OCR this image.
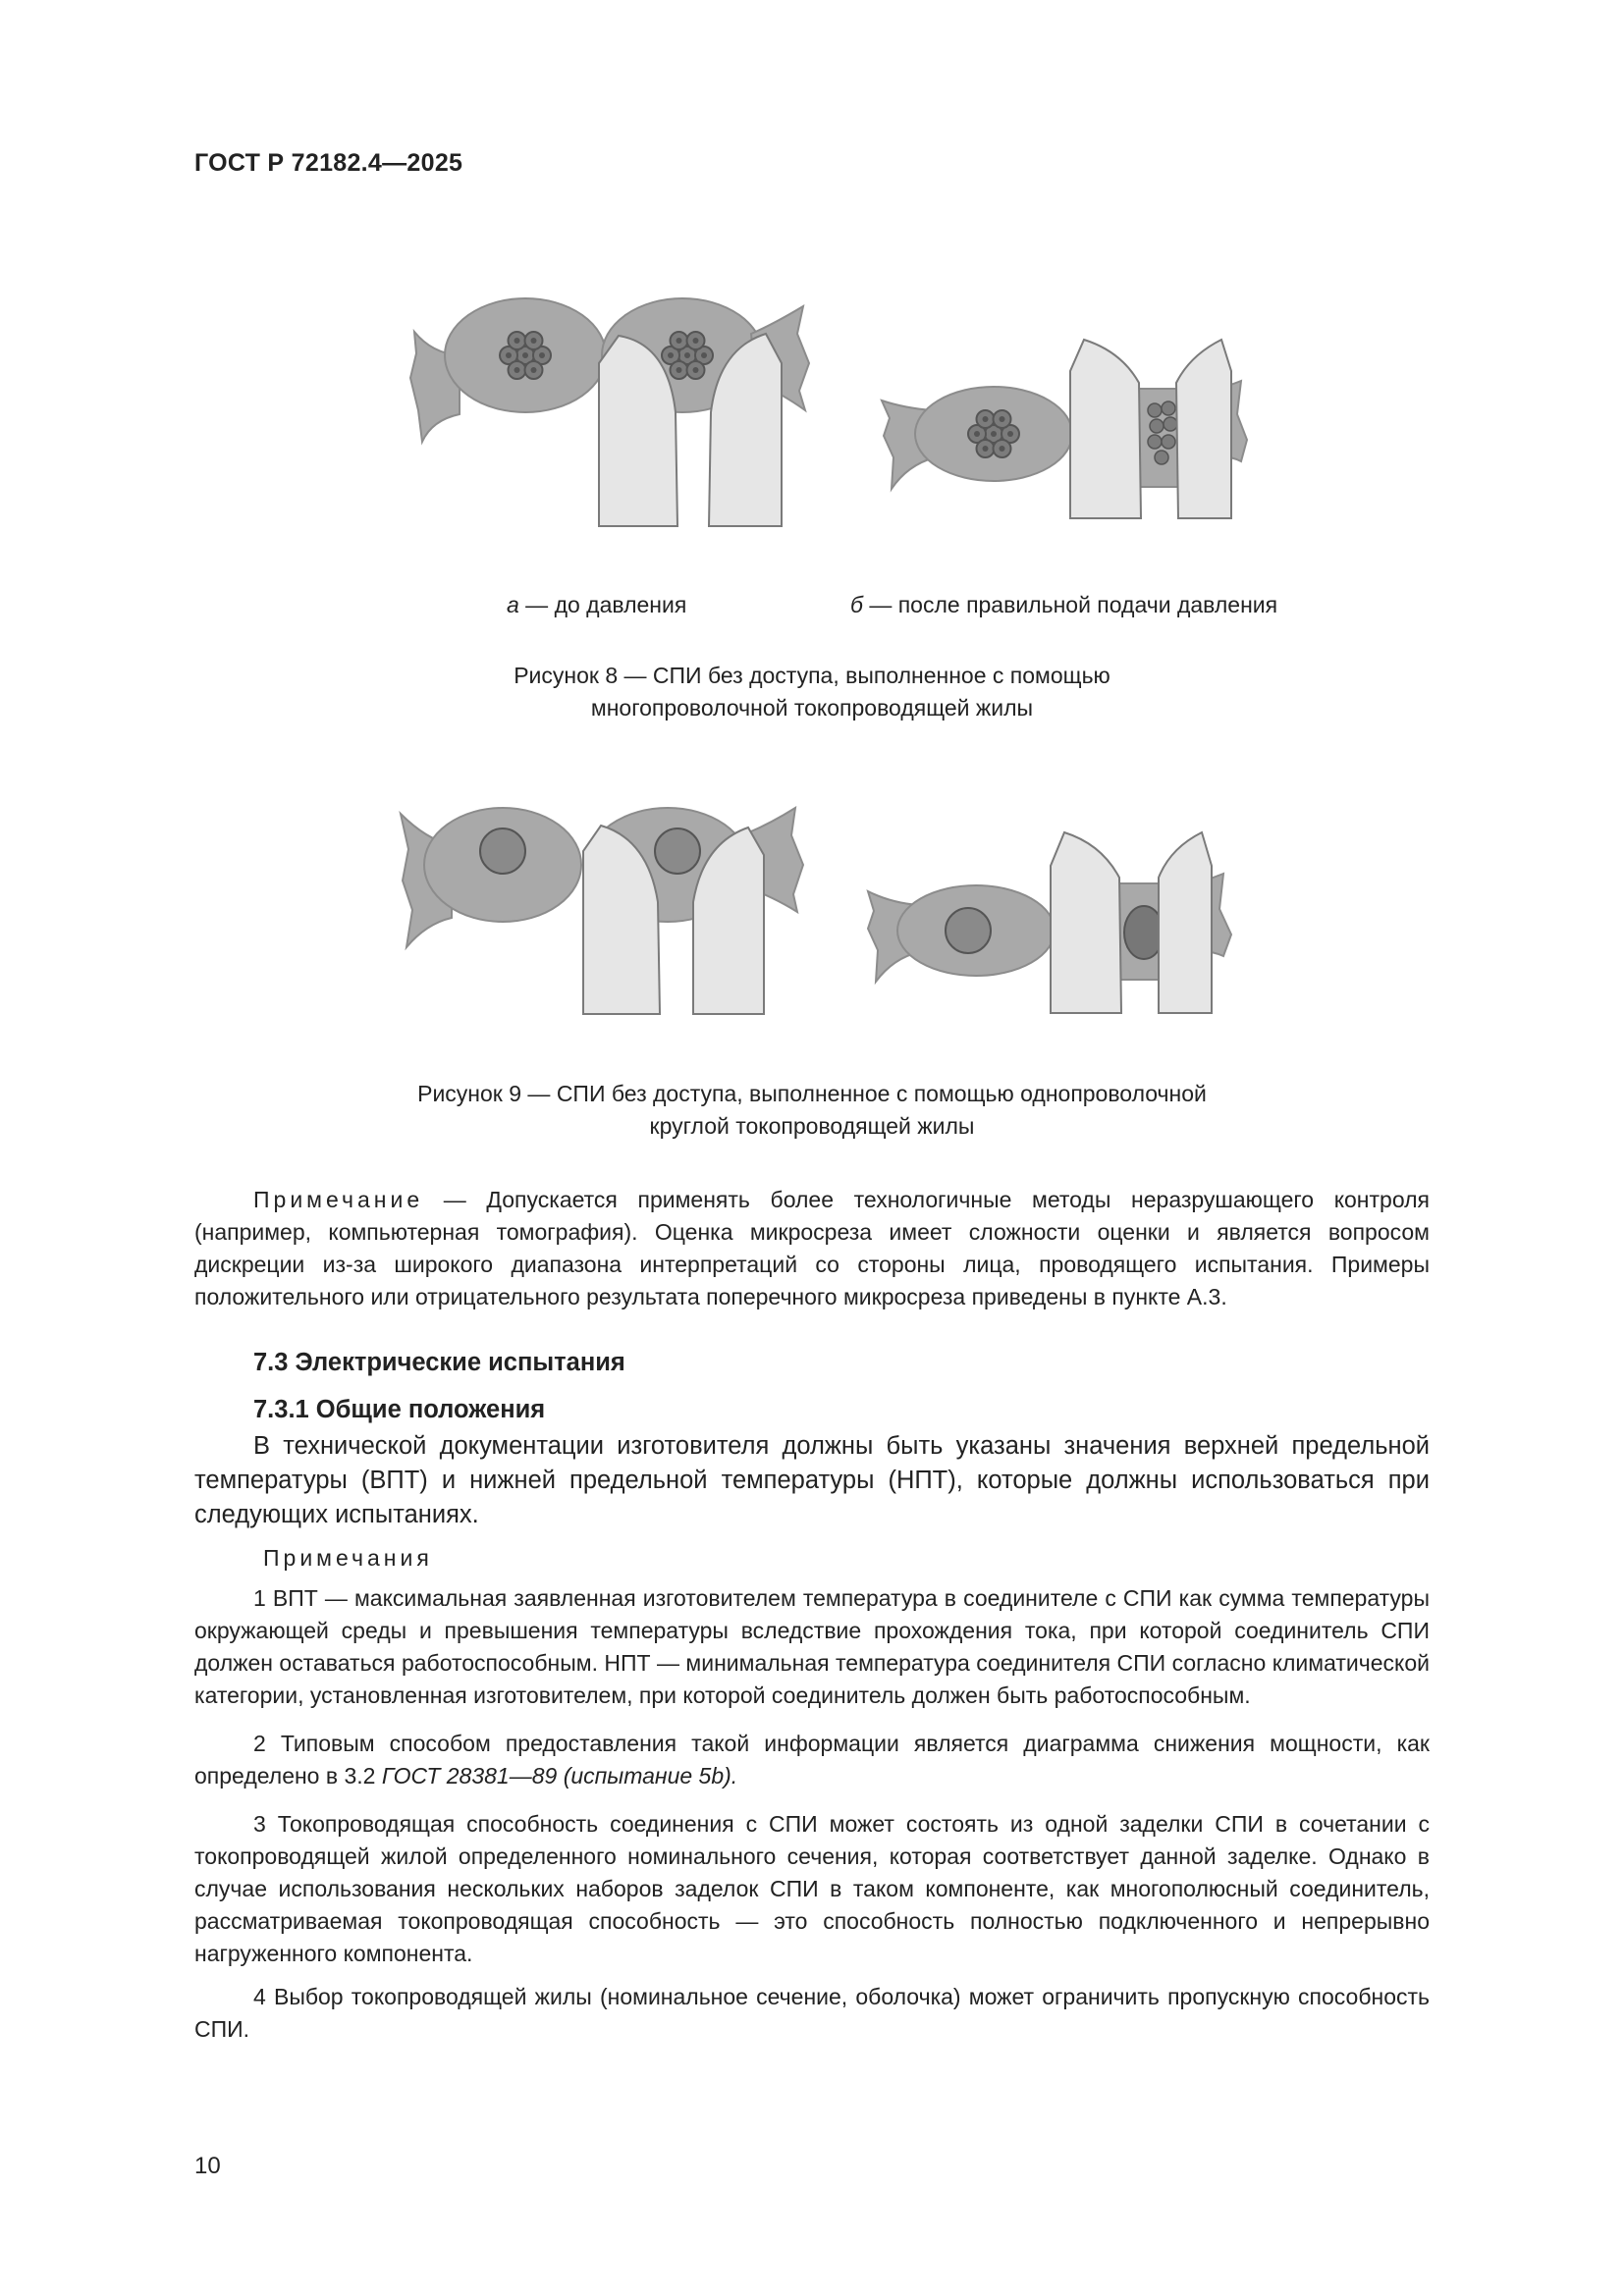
ГОСТ Р 72182.4—2025
а — до давления	б — после правильной подачи давления
Рисунок 8 — СПИ без доступа, выполненное с помощью
многопроволочной токопроводящей жилы
Рисунок 9 — СПИ без доступа, выполненное с помощью однопроволочной
круглой токопроводящей жилы
Примечание — Допускается применять более технологичные методы неразрушающего контроля (например, компьютерная томография). Оценка микросреза имеет сложности оценки и является вопросом дискреции из-за широкого диапазона интерпретаций со стороны лица, проводящего испытания. Примеры положительного или отрицательного результата поперечного микросреза приведены в пункте А.3.
7.3 Электрические испытания
7.3.1 Общие положения
В технической документации изготовителя должны быть указаны значения верхней предельной температуры (ВПТ) и нижней предельной температуры (НПТ), которые должны использоваться при следующих испытаниях.
Примечания
1 ВПТ — максимальная заявленная изготовителем температура в соединителе с СПИ как сумма температуры окружающей среды и превышения температуры вследствие прохождения тока, при которой соединитель СПИ должен оставаться работоспособным. НПТ — минимальная температура соединителя СПИ согласно климатической категории, установленная изготовителем, при которой соединитель должен быть работоспособным.
2 Типовым способом предоставления такой информации является диаграмма снижения мощности, как определено в 3.2 ГОСТ 28381—89 (испытание 5b).
3 Токопроводящая способность соединения с СПИ может состоять из одной заделки СПИ в сочетании с токопроводящей жилой определенного номинального сечения, которая соответствует данной заделке. Однако в случае использования нескольких наборов заделок СПИ в таком компоненте, как многополюсный соединитель, рассматриваемая токопроводящая способность — это способность полностью подключенного и непрерывно нагруженного компонента.
4 Выбор токопроводящей жилы (номинальное сечение, оболочка) может ограничить пропускную способность СПИ.
10
